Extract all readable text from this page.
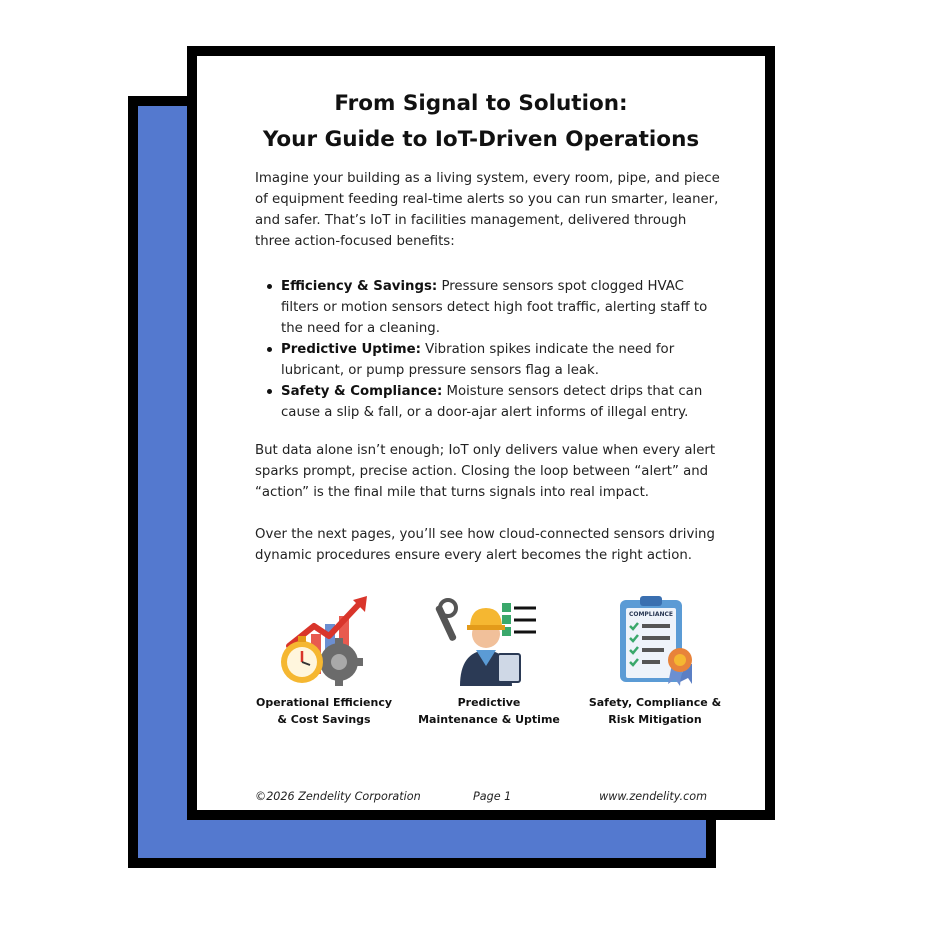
From Signal to Solution:
Your Guide to IoT-Driven Operations

Imagine your building as a living system, every room, pipe, and piece of equipment feeding real-time alerts so you can run smarter, leaner, and safer. That’s IoT in facilities management, delivered through three action-focused benefits:

Efficiency & Savings: Pressure sensors spot clogged HVAC filters or motion sensors detect high foot traffic, alerting staff to the need for a cleaning.
Predictive Uptime: Vibration spikes indicate the need for lubricant, or pump pressure sensors flag a leak.
Safety & Compliance: Moisture sensors detect drips that can cause a slip & fall, or a door-ajar alert informs of illegal entry.

But data alone isn’t enough; IoT only delivers value when every alert sparks prompt, precise action. Closing the loop between “alert” and “action” is the final mile that turns signals into real impact.

Over the next pages, you’ll see how cloud-connected sensors driving dynamic procedures ensure every alert becomes the right action.

Operational Efficiency
& Cost Savings
Predictive
Maintenance & Uptime
COMPLIANCE
Safety, Compliance &
Risk Mitigation
©2026 Zendelity Corporation	Page 1	www.zendelity.com
